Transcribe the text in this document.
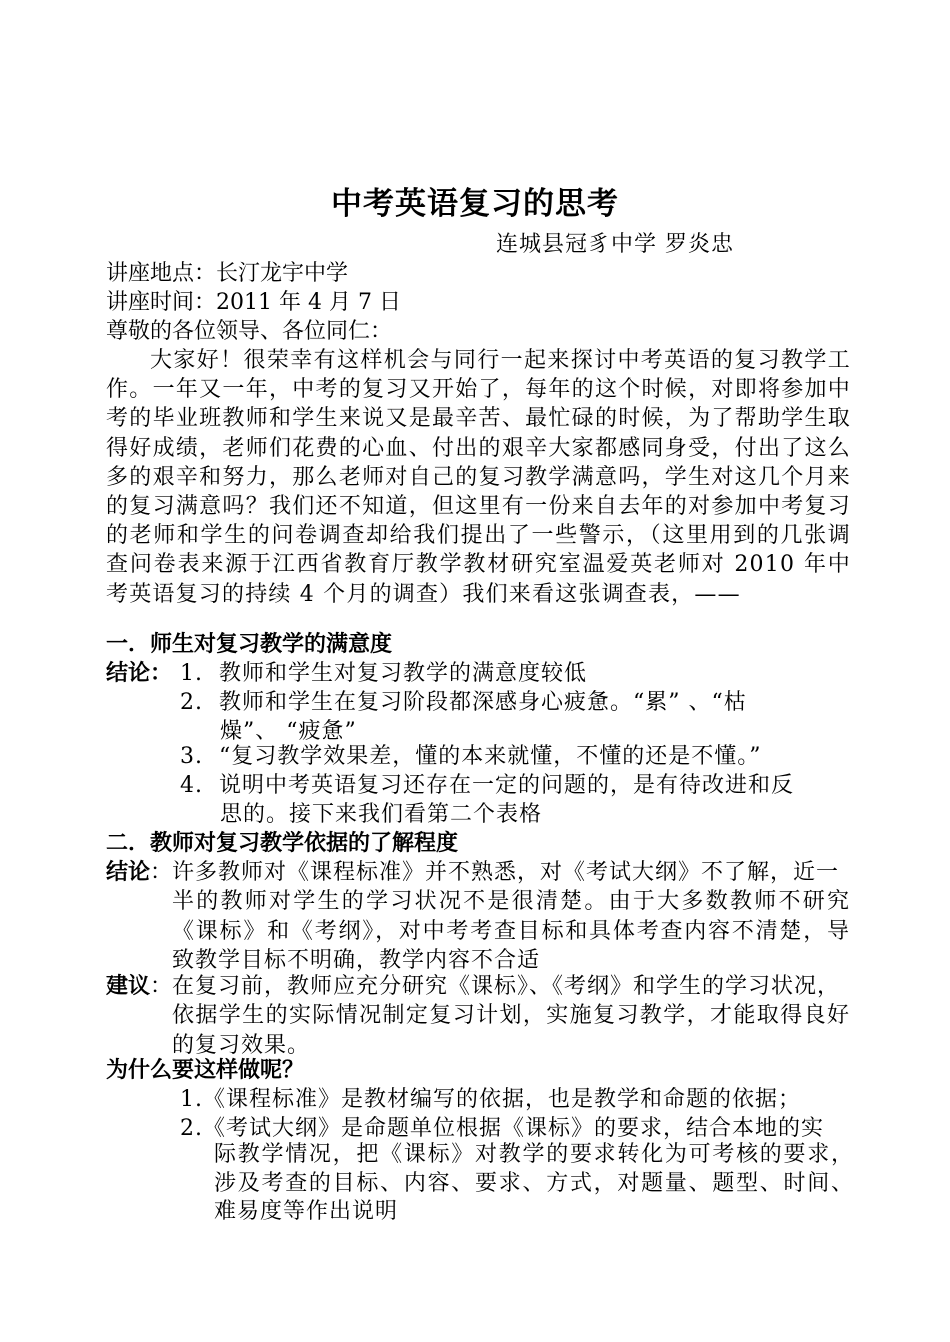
中考英语复习的思考
连城县冠豸中学 罗炎忠
讲座地点：长汀龙宇中学
讲座时间：2011 年 4 月 7 日
尊敬的各位领导、各位同仁：
大家好！很荣幸有这样机会与同行一起来探讨中考英语的复习教学工作。一年又一年，中考的复习又开始了，每年的这个时候，对即将参加中考的毕业班教师和学生来说又是最辛苦、最忙碌的时候，为了帮助学生取得好成绩，老师们花费的心血、付出的艰辛大家都感同身受，付出了这么多的艰辛和努力，那么老师对自己的复习教学满意吗，学生对这几个月来的复习满意吗？我们还不知道，但这里有一份来自去年的对参加中考复习的老师和学生的问卷调查却给我们提出了一些警示，（这里用到的几张调查问卷表来源于江西省教育厅教学教材研究室温爱英老师对 2010 年中考英语复习的持续 4 个月的调查）我们来看这张调查表，——
一．师生对复习教学的满意度
结论： 1. 教师和学生对复习教学的满意度较低
2. 教师和学生在复习阶段都深感身心疲惫。“累” 、“枯
燥”、 “疲惫”
3. “复习教学效果差，懂的本来就懂，不懂的还是不懂。”
4. 说明中考英语复习还存在一定的问题的，是有待改进和反
思的。接下来我们看第二个表格
二．教师对复习教学依据的了解程度
结论： 许多教师对《课程标准》并不熟悉，对《考试大纲》不了解，近一
半的教师对学生的学习状况不是很清楚。由于大多数教师不研究《课标》和《考纲》，对中考考查目标和具体考查内容不清楚，导致教学目标不明确，教学内容不合适
建议： 在复习前，教师应充分研究《课标》、《考纲》和学生的学习状况，
依据学生的实际情况制定复习计划，实施复习教学，才能取得良好的复习效果。
为什么要这样做呢？
1.《课程标准》是教材编写的依据，也是教学和命题的依据；
2.《考试大纲》是命题单位根据《课标》的要求，结合本地的实
际教学情况，把《课标》对教学的要求转化为可考核的要求，涉及考查的目标、内容、要求、方式，对题量、题型、时间、难易度等作出说明
